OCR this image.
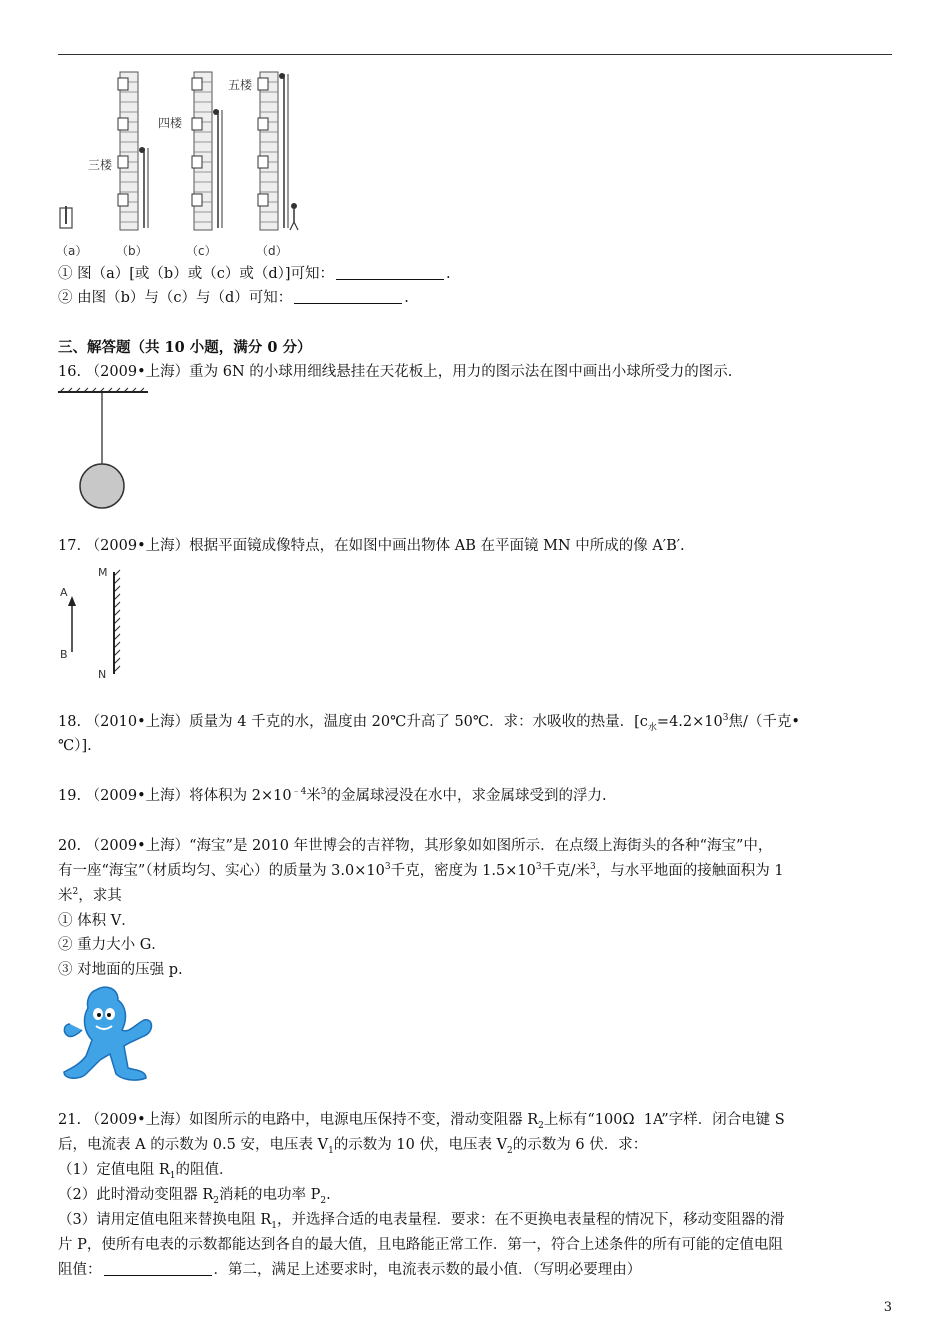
三楼
四楼
五楼
（a） （b）	（c）	（d）
① 图（a）[或（b）或（c）或（d）]可知：	.
② 由图（b）与（c）与（d）可知：	.
三、解答题（共 10 小题，满分 0 分）
16. （2009•上海）重为 6N 的小球用细线悬挂在天花板上，用力的图示法在图中画出小球所受力的图示.
17. （2009•上海）根据平面镜成像特点，在如图中画出物体 AB 在平面镜 MN 中所成的像 A′B′.
A
B
M
N
18. （2010•上海）质量为 4 千克的水，温度由 20℃升高了 50℃．求：水吸收的热量．[$c_水=4.2\times 10^3$焦/（千克•
℃）].
19. （2009•上海）将体积为 $2\times 10^{﹣4}$米$^3$的金属球浸没在水中，求金属球受到的浮力.
20. （2009•上海）“海宝”是 2010 年世博会的吉祥物，其形象如如图所示．在点缀上海街头的各种“海宝”中，
有一座“海宝”（材质均匀、实心）的质量为 $3.0\times 10^3$千克，密度为 $1.5\times 10^3$千克/米$^3$，与水平地面的接触面积为 1
米$^2$，求其
① 体积 V．
② 重力大小 G．
③ 对地面的压强 p.
21. （2009•上海）如图所示的电路中，电源电压保持不变，滑动变阻器 $R_2$上标有“100Ω  1A”字样．闭合电键 S
后，电流表 A 的示数为 0.5 安，电压表 $V_1$的示数为 10 伏，电压表 $V_2$的示数为 6 伏．求：
（1）定值电阻 $R_1$的阻值．
（2）此时滑动变阻器 $R_2$消耗的电功率 $P_2$.
（3）请用定值电阻来替换电阻 $R_1$，并选择合适的电表量程．要求：在不更换电表量程的情况下，移动变阻器的滑
片 P，使所有电表的示数都能达到各自的最大值，且电路能正常工作．第一，符合上述条件的所有可能的定值电阻
阻值：	．第二，满足上述要求时，电流表示数的最小值．（写明必要理由）
3
